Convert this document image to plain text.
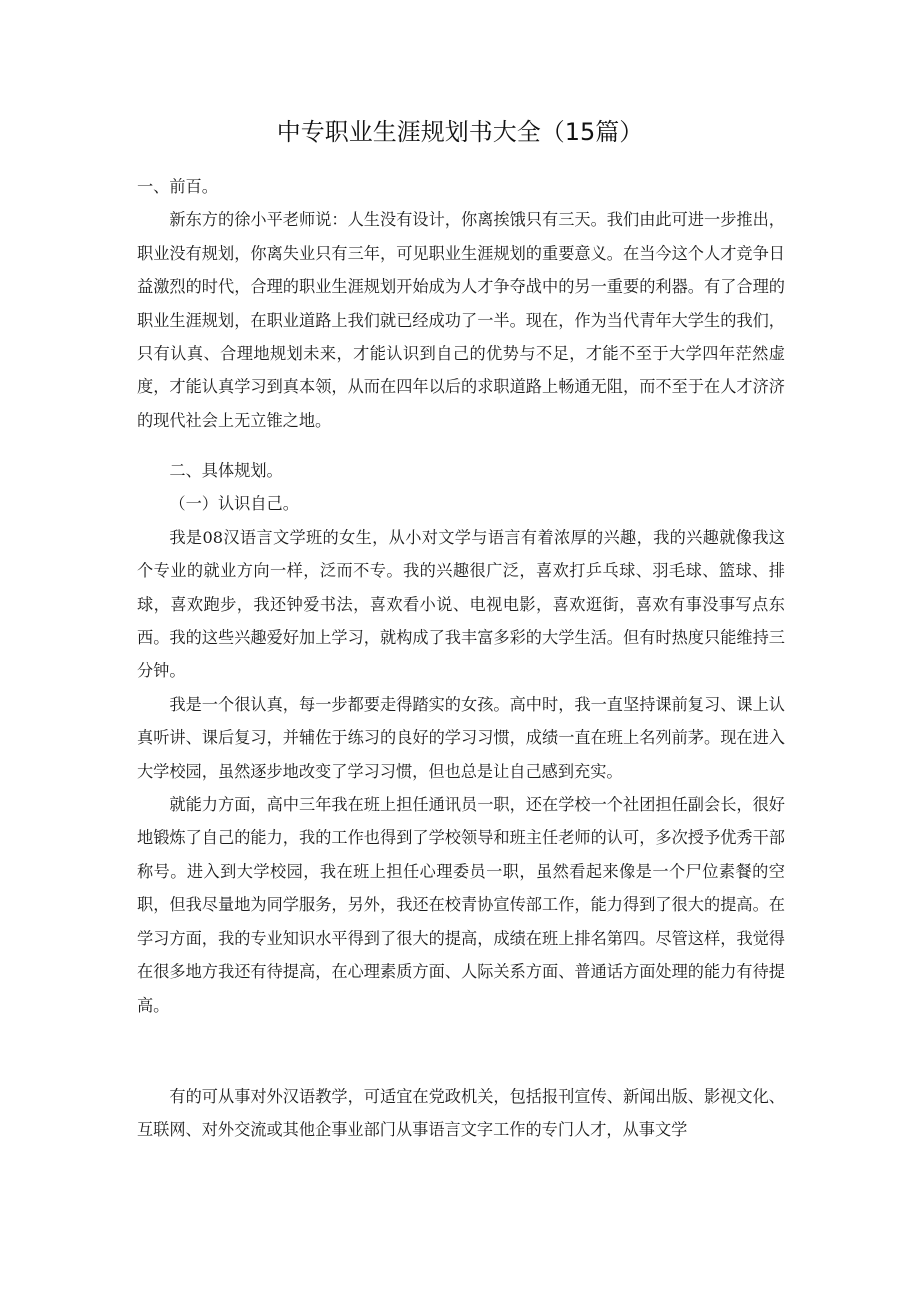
中专职业生涯规划书大全（15篇）

一、前百。

新东方的徐小平老师说：人生没有设计，你离挨饿只有三天。我们由此可进一步推出，职业没有规划，你离失业只有三年，可见职业生涯规划的重要意义。在当今这个人才竞争日益激烈的时代，合理的职业生涯规划开始成为人才争夺战中的另一重要的利器。有了合理的职业生涯规划，在职业道路上我们就已经成功了一半。现在，作为当代青年大学生的我们，只有认真、合理地规划未来，才能认识到自己的优势与不足，才能不至于大学四年茫然虚度，才能认真学习到真本领，从而在四年以后的求职道路上畅通无阻，而不至于在人才济济的现代社会上无立锥之地。

二、具体规划。

（一）认识自己。

我是08汉语言文学班的女生，从小对文学与语言有着浓厚的兴趣，我的兴趣就像我这个专业的就业方向一样，泛而不专。我的兴趣很广泛，喜欢打乒乓球、羽毛球、篮球、排球，喜欢跑步，我还钟爱书法，喜欢看小说、电视电影，喜欢逛街，喜欢有事没事写点东西。我的这些兴趣爱好加上学习，就构成了我丰富多彩的大学生活。但有时热度只能维持三分钟。

我是一个很认真，每一步都要走得踏实的女孩。高中时，我一直坚持课前复习、课上认真听讲、课后复习，并辅佐于练习的良好的学习习惯，成绩一直在班上名列前茅。现在进入大学校园，虽然逐步地改变了学习习惯，但也总是让自己感到充实。

就能力方面，高中三年我在班上担任通讯员一职，还在学校一个社团担任副会长，很好地锻炼了自己的能力，我的工作也得到了学校领导和班主任老师的认可，多次授予优秀干部称号。进入到大学校园，我在班上担任心理委员一职，虽然看起来像是一个尸位素餐的空职，但我尽量地为同学服务，另外，我还在校青协宣传部工作，能力得到了很大的提高。在学习方面，我的专业知识水平得到了很大的提高，成绩在班上排名第四。尽管这样，我觉得在很多地方我还有待提高，在心理素质方面、人际关系方面、普通话方面处理的能力有待提高。

有的可从事对外汉语教学，可适宜在党政机关，包括报刊宣传、新闻出版、影视文化、互联网、对外交流或其他企事业部门从事语言文字工作的专门人才，从事文学
